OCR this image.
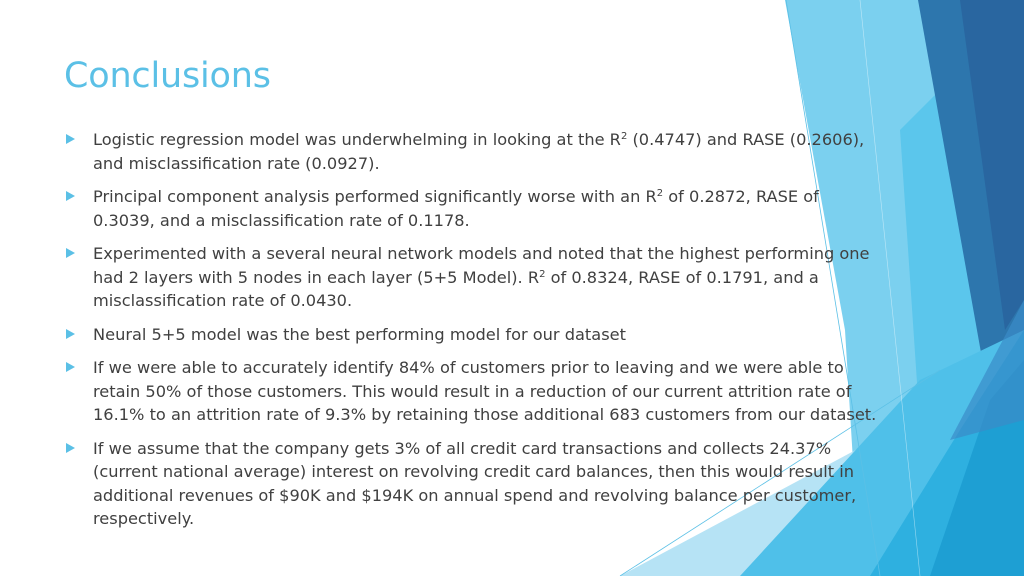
Conclusions
Logistic regression model was underwhelming in looking at the $R^2$ (0.4747) and RASE (0.2606), and misclassification rate (0.0927).
Principal component analysis performed significantly worse with an $R^2$ of 0.2872, RASE of 0.3039, and a misclassification rate of 0.1178.
Experimented with a several neural network models and noted that the highest performing one had 2 layers with 5 nodes in each layer (5+5 Model). $R^2$ of 0.8324, RASE of 0.1791, and a misclassification rate of 0.0430.
Neural 5+5 model was the best performing model for our dataset
If we were able to accurately identify 84% of customers prior to leaving and we were able to retain 50% of those customers. This would result in a reduction of our current attrition rate of 16.1% to an attrition rate of 9.3% by retaining those additional 683 customers from our dataset.
If we assume that the company gets 3% of all credit card transactions and collects 24.37% (current national average) interest on revolving credit card balances, then this would result in additional revenues of $90K and $194K on annual spend and revolving balance per customer, respectively.
